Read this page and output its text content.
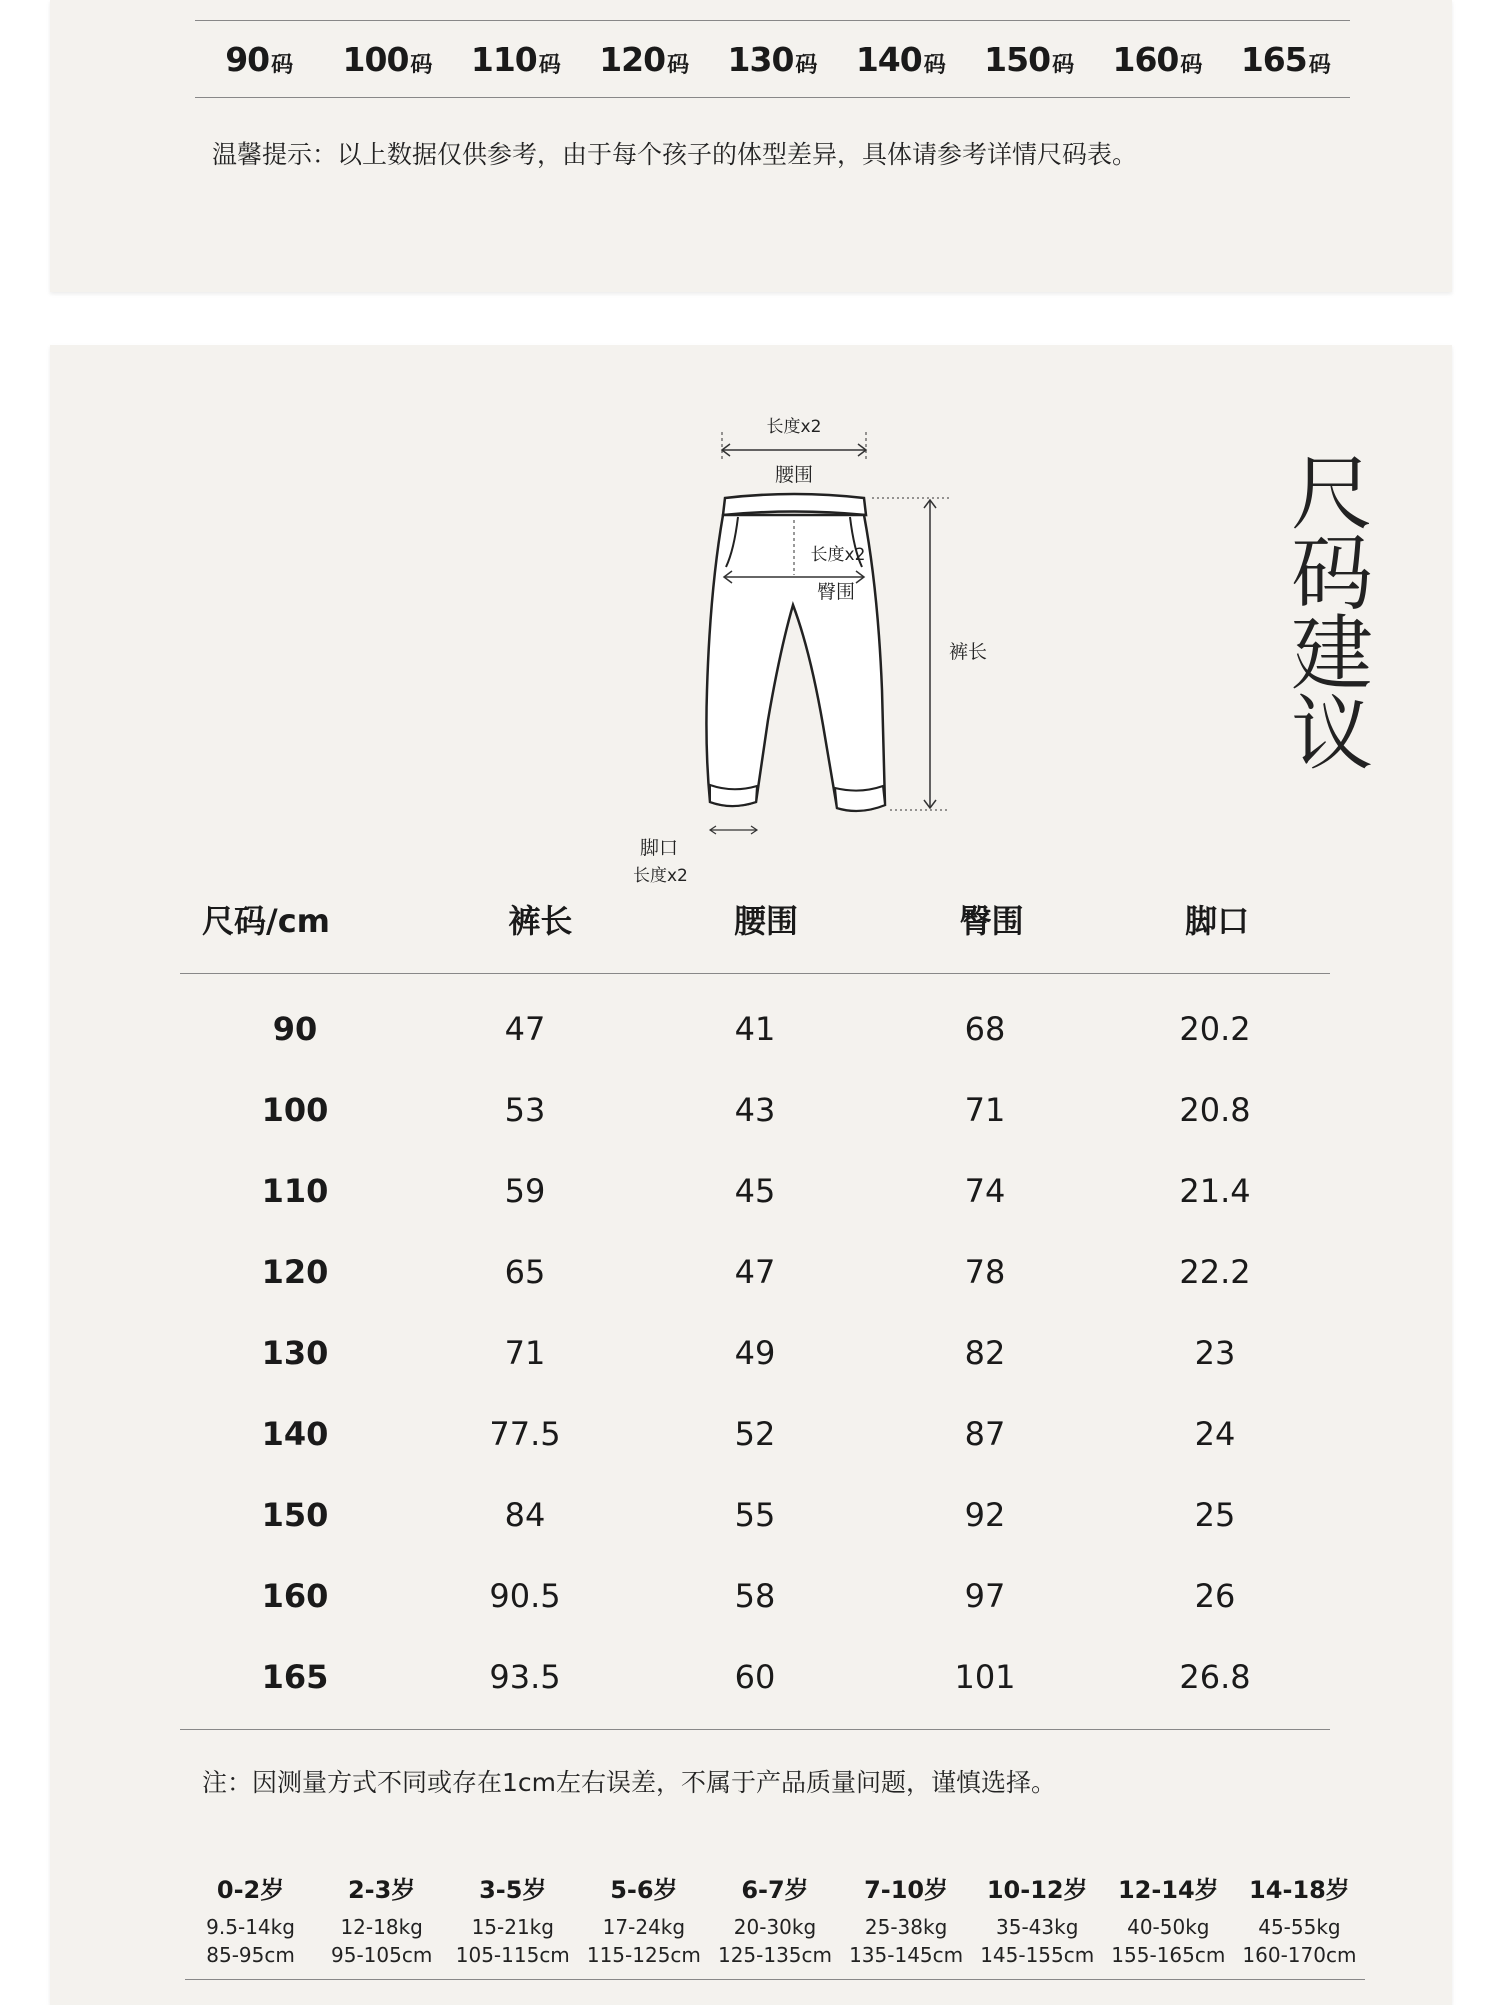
90 码 100 码 110 码 120 码 130 码 140 码 150 码 160 码 165 码
温馨提示：以上数据仅供参考，由于每个孩子的体型差异，具体请参考详情尺码表。
尺
码
建
议
长度x2
腰围
长度x2
臀围
裤长
脚口
长度x2
尺码/cm	裤长	腰围	臀围	脚口
90	47	41	68	20.2
100	53	43	71	20.8
110	59	45	74	21.4
120	65	47	78	22.2
130	71	49	82	23
140	77.5	52	87	24
150	84	55	92	25
160	90.5	58	97	26
165	93.5	60	101	26.8
注：因测量方式不同或存在1cm左右误差，不属于产品质量问题，谨慎选择。
0-2岁
9.5-14kg
85-95cm
2-3岁
12-18kg
95-105cm
3-5岁
15-21kg
105-115cm
5-6岁
17-24kg
115-125cm
6-7岁
20-30kg
125-135cm
7-10岁
25-38kg
135-145cm
10-12岁
35-43kg
145-155cm
12-14岁
40-50kg
155-165cm
14-18岁
45-55kg
160-170cm
